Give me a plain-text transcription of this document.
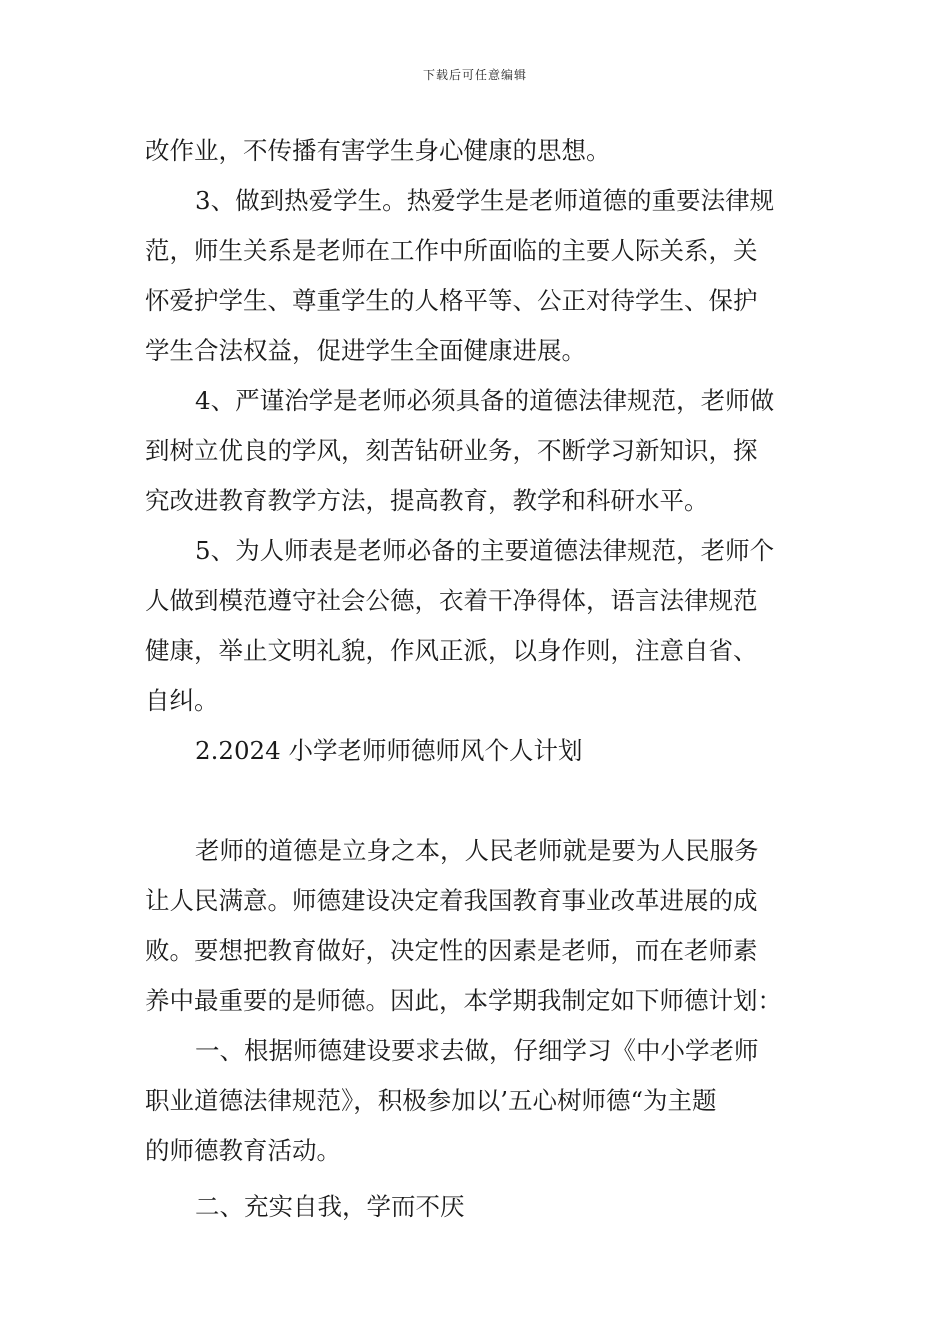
下载后可任意编辑
改作业，不传播有害学生身心健康的思想。
3、做到热爱学生。热爱学生是老师道德的重要法律规
范，师生关系是老师在工作中所面临的主要人际关系，关
怀爱护学生、尊重学生的人格平等、公正对待学生、保护
学生合法权益，促进学生全面健康进展。
4、严谨治学是老师必须具备的道德法律规范，老师做
到树立优良的学风，刻苦钻研业务，不断学习新知识，探
究改进教育教学方法，提高教育，教学和科研水平。
5、为人师表是老师必备的主要道德法律规范，老师个
人做到模范遵守社会公德，衣着干净得体，语言法律规范
健康，举止文明礼貌，作风正派，以身作则，注意自省、
自纠。
2.2024 小学老师师德师风个人计划
老师的道德是立身之本，人民老师就是要为人民服务
让人民满意。师德建设决定着我国教育事业改革进展的成
败。要想把教育做好，决定性的因素是老师，而在老师素
养中最重要的是师德。因此，本学期我制定如下师德计划：
一、根据师德建设要求去做，仔细学习《中小学老师
职业道德法律规范》，积极参加以’五心树师德“为主题
的师德教育活动。
二、充实自我，学而不厌
